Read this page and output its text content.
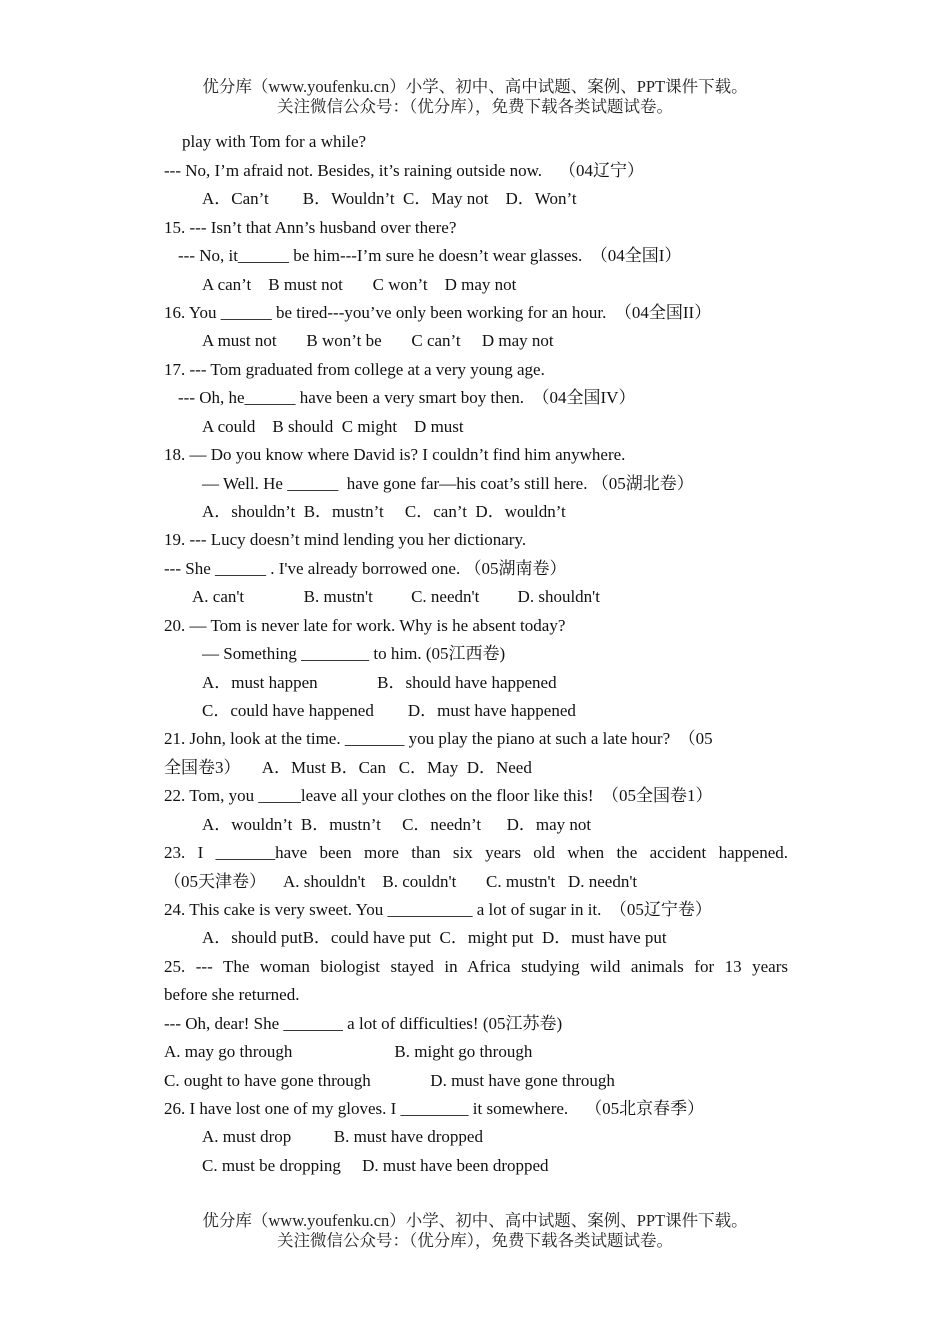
优分库（www.youfenku.cn）小学、初中、高中试题、案例、PPT课件下载。
关注微信公众号：（优分库），免费下载各类试题试卷。
play with Tom for a while?
--- No, I’m afraid not. Besides, it’s raining outside now.    （04辽宁）
A．Can’t        B．Wouldn’t  C．May not    D．Won’t
15. --- Isn’t that Ann’s husband over there?
--- No, it______ be him---I’m sure he doesn’t wear glasses.  （04全国I）
A can’t    B must not       C won’t    D may not
16. You ______ be tired---you’ve only been working for an hour.  （04全国II）
A must not       B won’t be       C can’t     D may not
17. --- Tom graduated from college at a very young age.
--- Oh, he______ have been a very smart boy then.  （04全国IV）
A could    B should  C might    D must
18. — Do you know where David is? I couldn’t find him anywhere.
— Well. He ______  have gone far—his coat’s still here. （05湖北卷）
A．shouldn’t  B．mustn’t     C．can’t  D．wouldn’t
19. --- Lucy doesn’t mind lending you her dictionary.
--- She ______ . I've already borrowed one. （05湖南卷）
A. can't              B. mustn't         C. needn't         D. shouldn't
20. — Tom is never late for work. Why is he absent today?
— Something ________ to him. (05江西卷)
A．must happen              B．should have happened
C．could have happened        D．must have happened
21. John, look at the time. _______ you play the piano at such a late hour?  （05
全国卷3）     A．Must B．Can   C．May  D．Need
22. Tom, you _____leave all your clothes on the floor like this!  （05全国卷1）
A．wouldn’t  B．mustn’t     C．needn’t      D．may not
23. I _______have been more than six years old when the accident happened.
（05天津卷）    A. shouldn't    B. couldn't       C. mustn't   D. needn't
24. This cake is very sweet. You __________ a lot of sugar in it.  （05辽宁卷）
A．should putB．could have put  C．might put  D．must have put
25. --- The woman biologist stayed in Africa studying wild animals for 13 years
before she returned.
--- Oh, dear! She _______ a lot of difficulties! (05江苏卷)
A. may go through                        B. might go through
C. ought to have gone through              D. must have gone through
26. I have lost one of my gloves. I ________ it somewhere.    （05北京春季）
A. must drop          B. must have dropped
C. must be dropping     D. must have been dropped
优分库（www.youfenku.cn）小学、初中、高中试题、案例、PPT课件下载。
关注微信公众号：（优分库），免费下载各类试题试卷。
